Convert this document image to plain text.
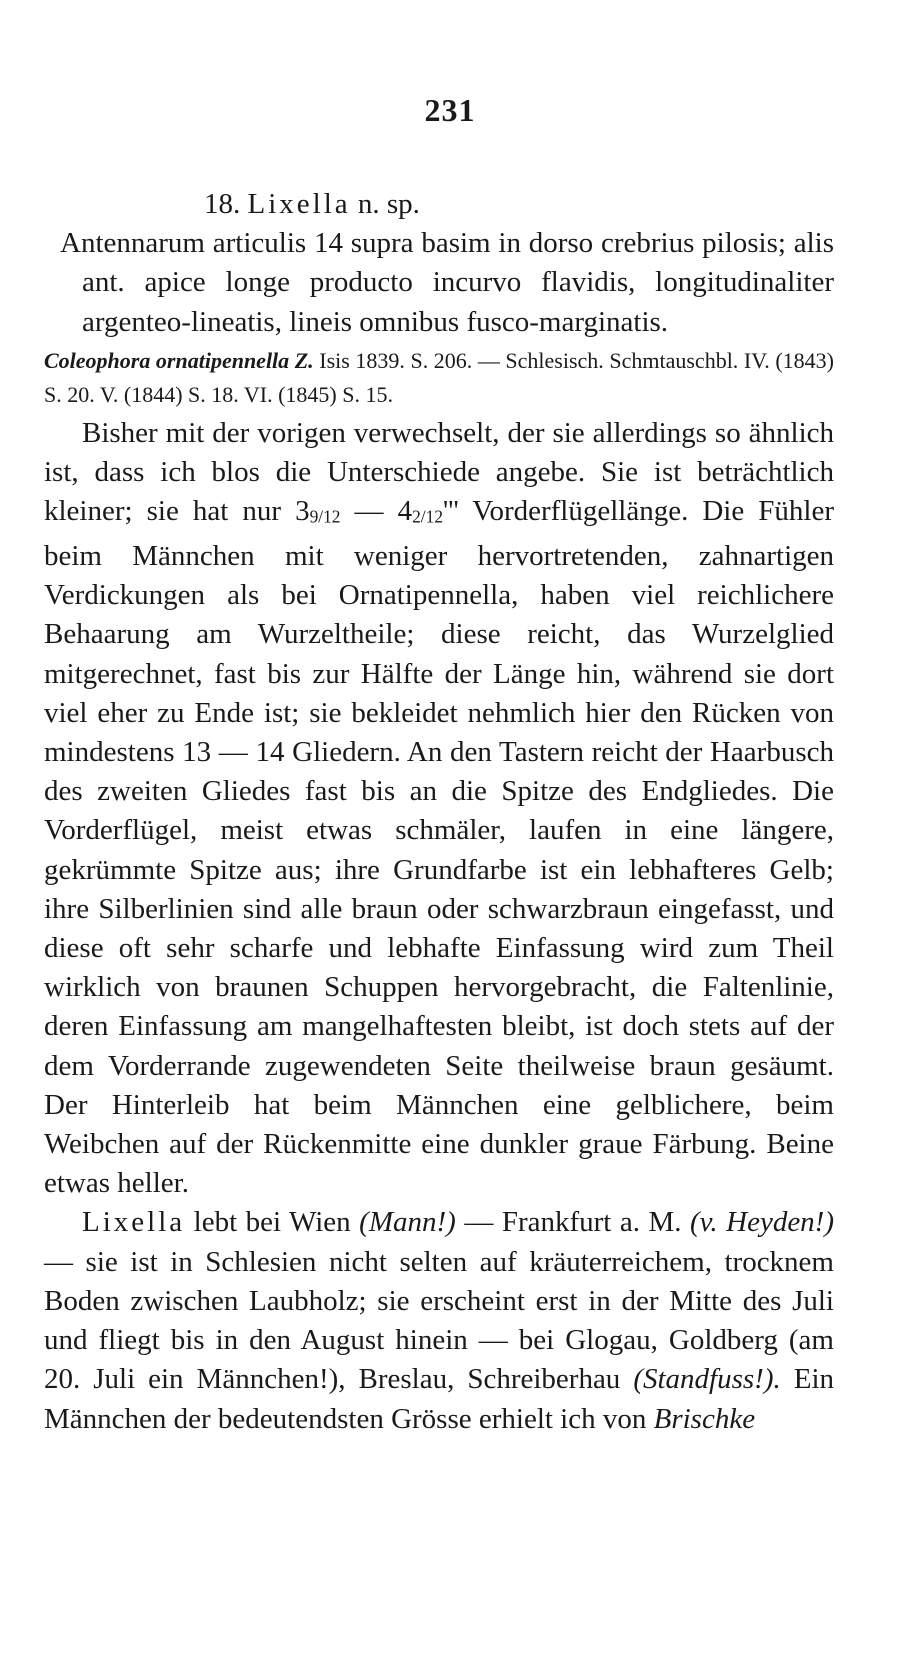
231
18. Lixella n. sp.

Antennarum articulis 14 supra basim in dorso crebrius pilosis; alis ant. apice longe producto incurvo flavidis, longitudinaliter argenteo-lineatis, lineis omnibus fusco-marginatis.

Coleophora ornatipennella Z. Isis 1839. S. 206. — Schlesisch. Schmtauschbl. IV. (1843) S. 20. V. (1844) S. 18. VI. (1845) S. 15.

Bisher mit der vorigen verwechselt, der sie allerdings so ähnlich ist, dass ich blos die Unterschiede angebe. Sie ist beträchtlich kleiner; sie hat nur 39/12 — 42/12''' Vorderflügellänge. Die Fühler beim Männchen mit weniger hervortretenden, zahnartigen Verdickungen als bei Ornatipennella, haben viel reichlichere Behaarung am Wurzeltheile; diese reicht, das Wurzelglied mitgerechnet, fast bis zur Hälfte der Länge hin, während sie dort viel eher zu Ende ist; sie bekleidet nehmlich hier den Rücken von mindestens 13 — 14 Gliedern. An den Tastern reicht der Haarbusch des zweiten Gliedes fast bis an die Spitze des Endgliedes. Die Vorderflügel, meist etwas schmäler, laufen in eine längere, gekrümmte Spitze aus; ihre Grundfarbe ist ein lebhafteres Gelb; ihre Silberlinien sind alle braun oder schwarzbraun eingefasst, und diese oft sehr scharfe und lebhafte Einfassung wird zum Theil wirklich von braunen Schuppen hervorgebracht, die Faltenlinie, deren Einfassung am mangelhaftesten bleibt, ist doch stets auf der dem Vorderrande zugewendeten Seite theilweise braun gesäumt. Der Hinterleib hat beim Männchen eine gelblichere, beim Weibchen auf der Rückenmitte eine dunkler graue Färbung. Beine etwas heller.

Lixella lebt bei Wien (Mann!) — Frankfurt a. M. (v. Heyden!) — sie ist in Schlesien nicht selten auf kräuterreichem, trocknem Boden zwischen Laubholz; sie erscheint erst in der Mitte des Juli und fliegt bis in den August hinein — bei Glogau, Goldberg (am 20. Juli ein Männchen!), Breslau, Schreiberhau (Standfuss!). Ein Männchen der bedeutendsten Grösse erhielt ich von Brischke
